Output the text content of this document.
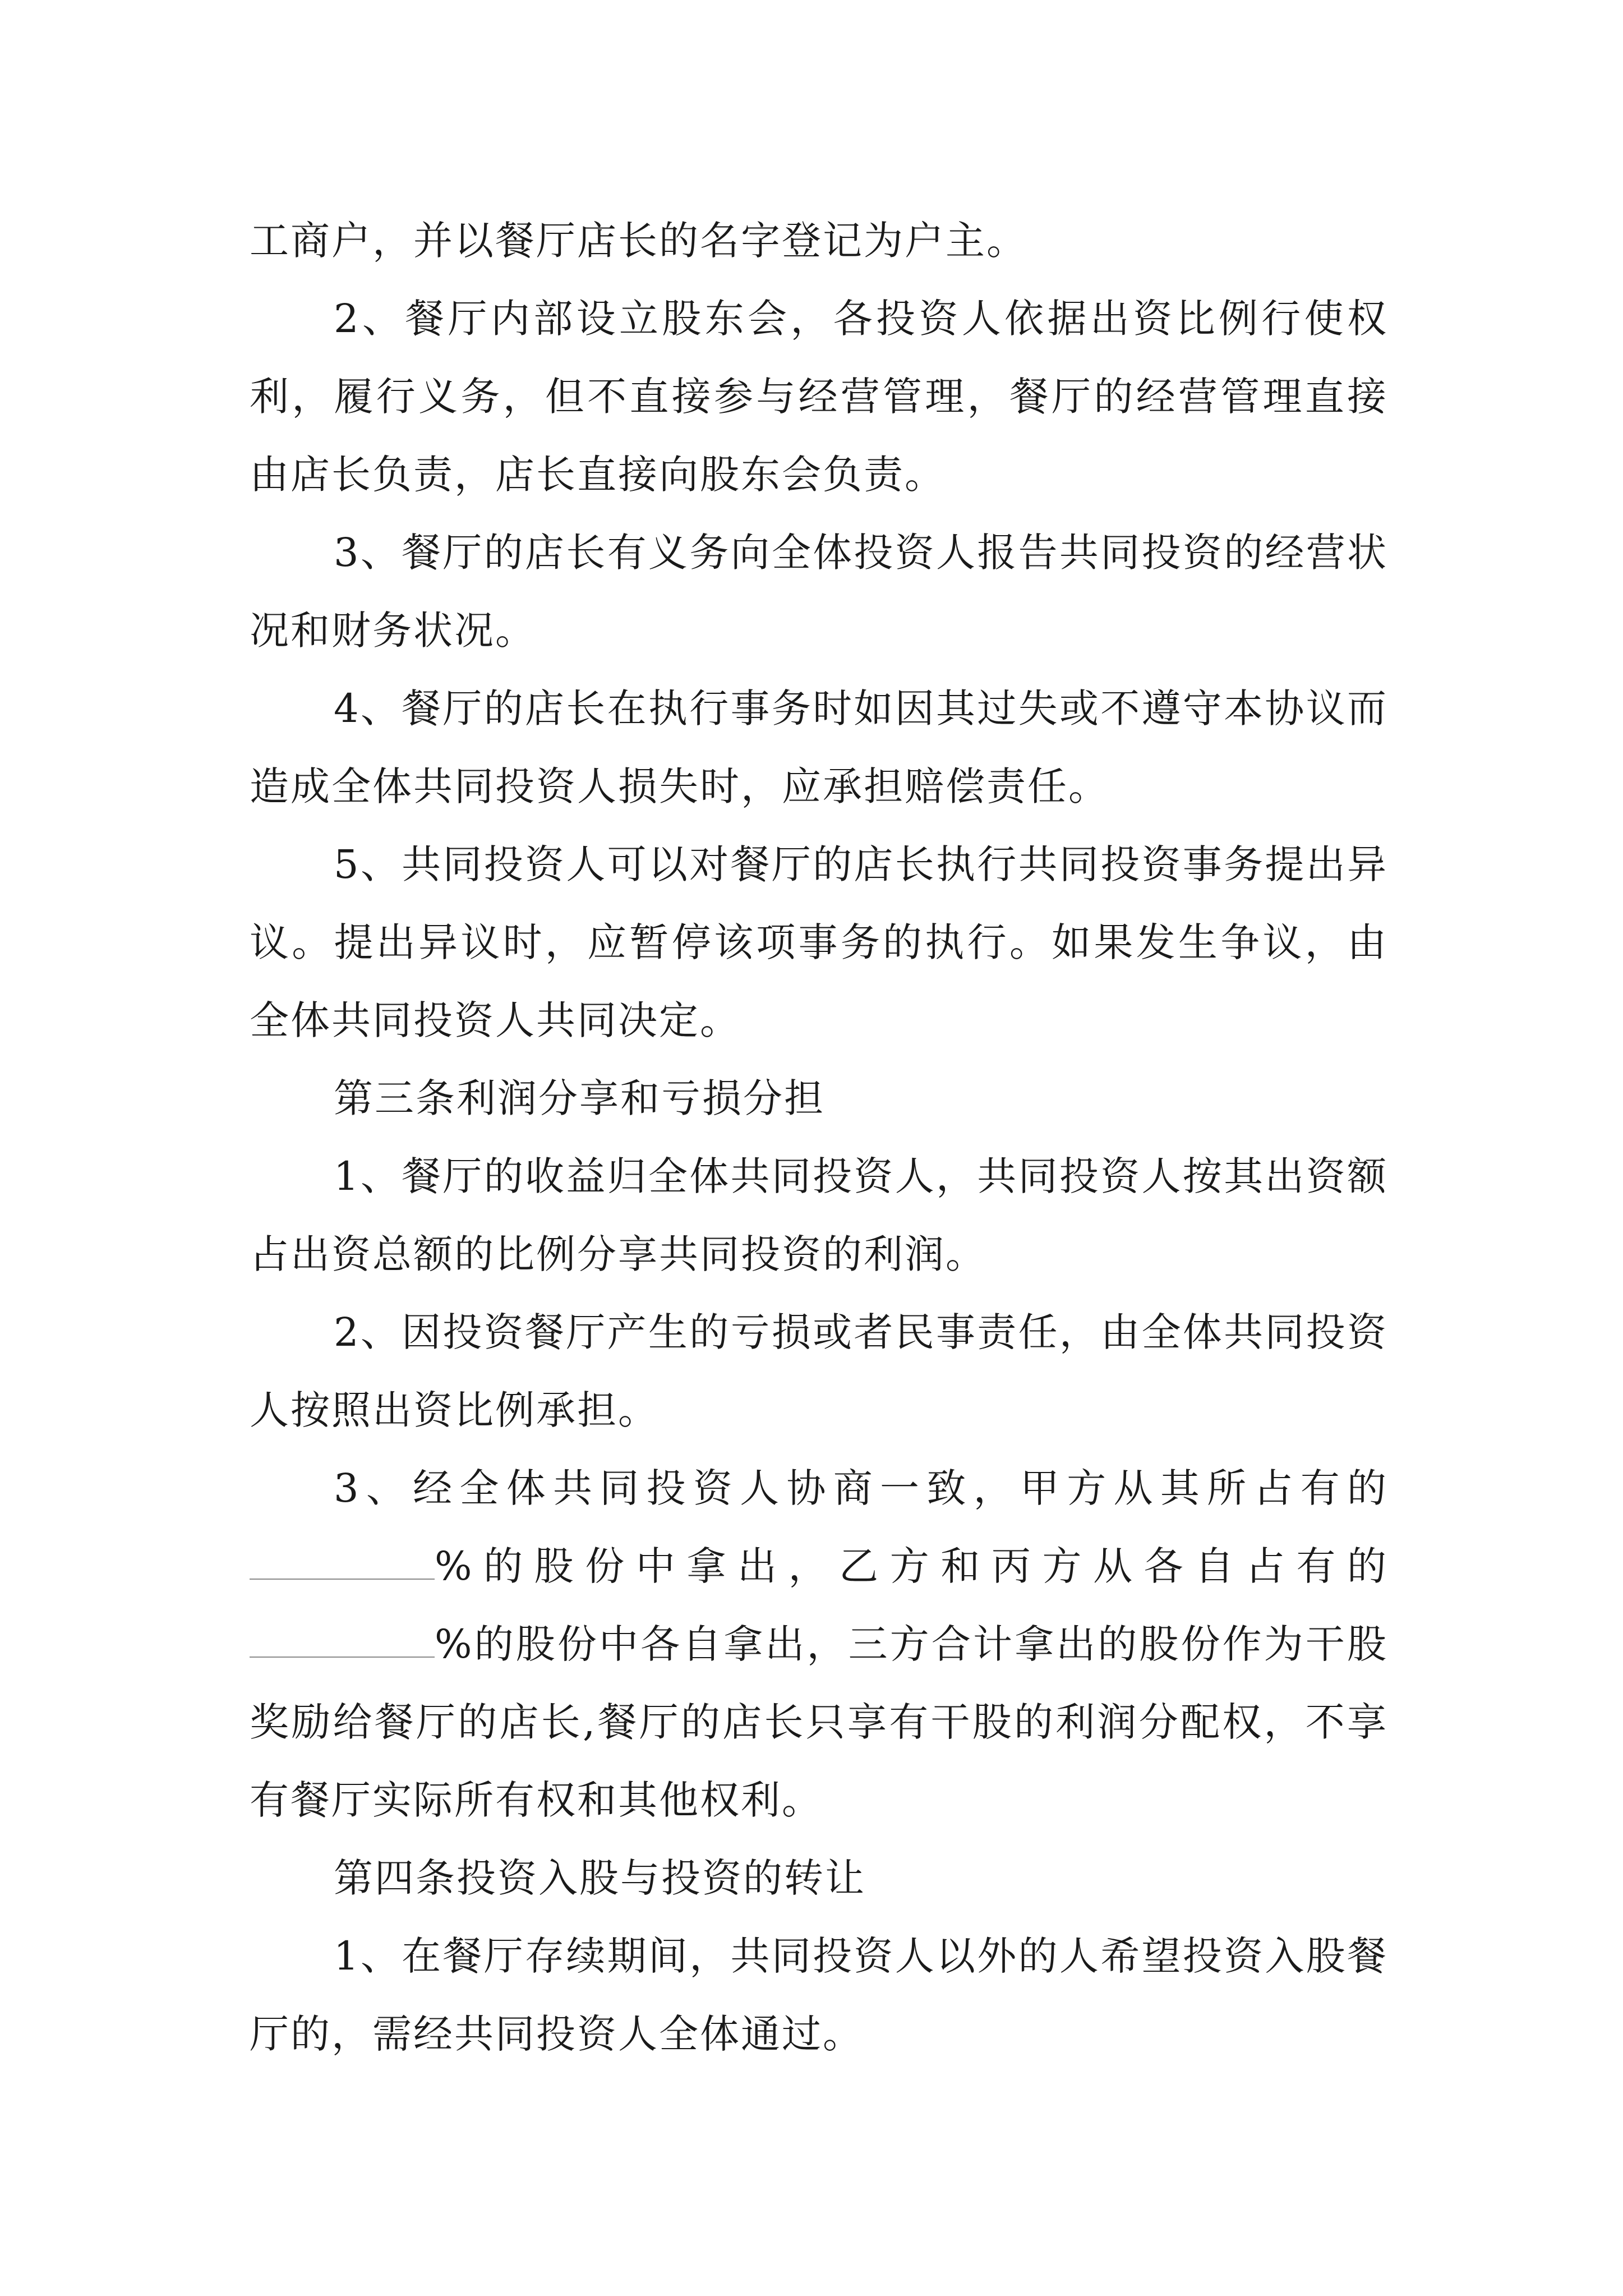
工商户，并以餐厅店长的名字登记为户主。

2、餐厅内部设立股东会，各投资人依据出资比例行使权利，履行义务，但不直接参与经营管理，餐厅的经营管理直接由店长负责，店长直接向股东会负责。

3、餐厅的店长有义务向全体投资人报告共同投资的经营状况和财务状况。

4、餐厅的店长在执行事务时如因其过失或不遵守本协议而造成全体共同投资人损失时，应承担赔偿责任。

5、共同投资人可以对餐厅的店长执行共同投资事务提出异议。提出异议时，应暂停该项事务的执行。如果发生争议，由全体共同投资人共同决定。

第三条利润分享和亏损分担

1、餐厅的收益归全体共同投资人，共同投资人按其出资额占出资总额的比例分享共同投资的利润。

2、因投资餐厅产生的亏损或者民事责任，由全体共同投资人按照出资比例承担。

3、经全体共同投资人协商一致，甲方从其所占有的%的股份中拿出，乙方和丙方从各自占有的%的股份中各自拿出，三方合计拿出的股份作为干股奖励给餐厅的店长,餐厅的店长只享有干股的利润分配权，不享有餐厅实际所有权和其他权利。

第四条投资入股与投资的转让

1、在餐厅存续期间，共同投资人以外的人希望投资入股餐厅的，需经共同投资人全体通过。
